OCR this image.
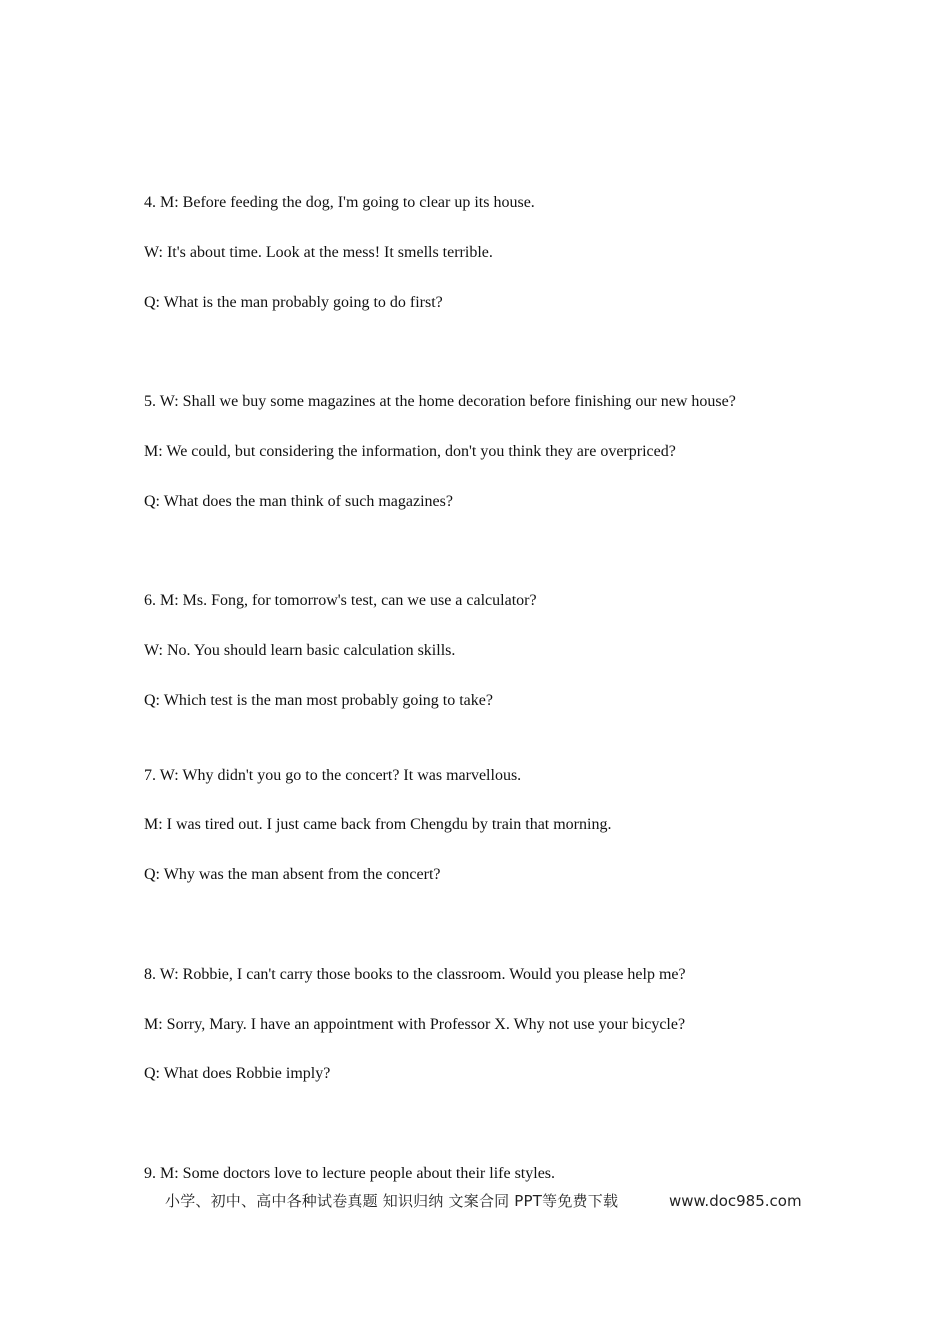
4. M: Before feeding the dog, I'm going to clear up its house.
W: It's about time. Look at the mess! It smells terrible.
Q: What is the man probably going to do first?
5. W: Shall we buy some magazines at the home decoration before finishing our new house?
M: We could, but considering the information, don't you think they are overpriced?
Q: What does the man think of such magazines?
6. M: Ms. Fong, for tomorrow's test, can we use a calculator?
W: No. You should learn basic calculation skills.
Q: Which test is the man most probably going to take?
7. W: Why didn't you go to the concert? It was marvellous.
M: I was tired out. I just came back from Chengdu by train that morning.
Q: Why was the man absent from the concert?
8. W: Robbie, I can't carry those books to the classroom. Would you please help me?
M: Sorry, Mary. I have an appointment with Professor X. Why not use your bicycle?
Q: What does Robbie imply?
9. M: Some doctors love to lecture people about their life styles.
小学、初中、高中各种试卷真题 知识归纳 文案合同 PPT等免费下载	www.doc985.com
